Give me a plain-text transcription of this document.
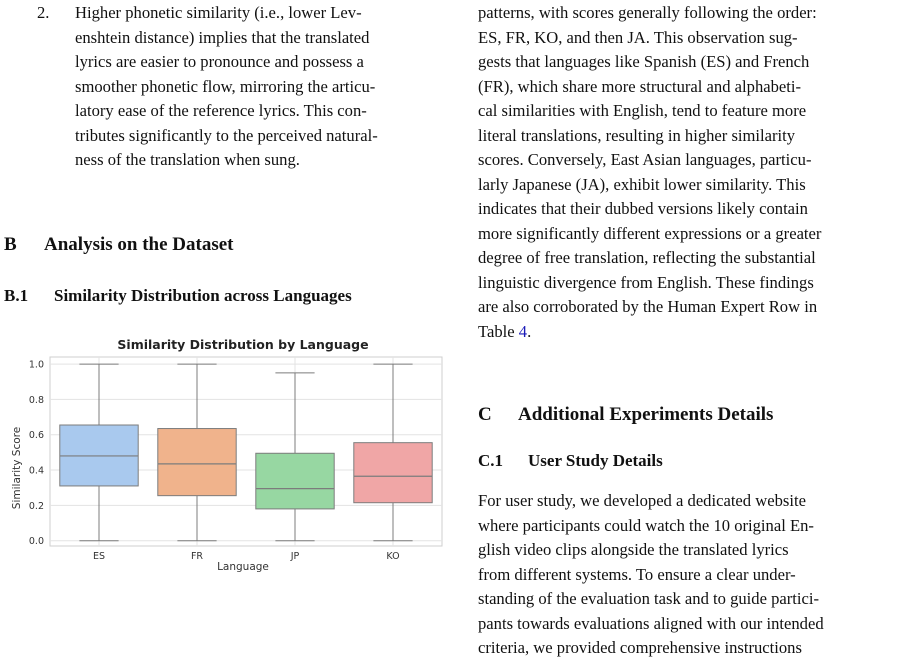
2. Higher phonetic similarity (i.e., lower Lev-
enshtein distance) implies that the translated
lyrics are easier to pronounce and possess a
smoother phonetic flow, mirroring the articu-
latory ease of the reference lyrics. This con-
tributes significantly to the perceived natural-
ness of the translation when sung.
B Analysis on the Dataset
B.1 Similarity Distribution across Languages
Similarity Distribution by Language
0.0
0.2
0.4
0.6
0.8
1.0
ES	FR	JP	KO
Language
Similarity Score
patterns, with scores generally following the order:
ES, FR, KO, and then JA. This observation sug-
gests that languages like Spanish (ES) and French
(FR), which share more structural and alphabeti-
cal similarities with English, tend to feature more
literal translations, resulting in higher similarity
scores. Conversely, East Asian languages, particu-
larly Japanese (JA), exhibit lower similarity. This
indicates that their dubbed versions likely contain
more significantly different expressions or a greater
degree of free translation, reflecting the substantial
linguistic divergence from English. These findings
are also corroborated by the Human Expert Row in
Table 4.
C Additional Experiments Details
C.1 User Study Details
For user study, we developed a dedicated website
where participants could watch the 10 original En-
glish video clips alongside the translated lyrics
from different systems. To ensure a clear under-
standing of the evaluation task and to guide partici-
pants towards evaluations aligned with our intended
criteria, we provided comprehensive instructions
